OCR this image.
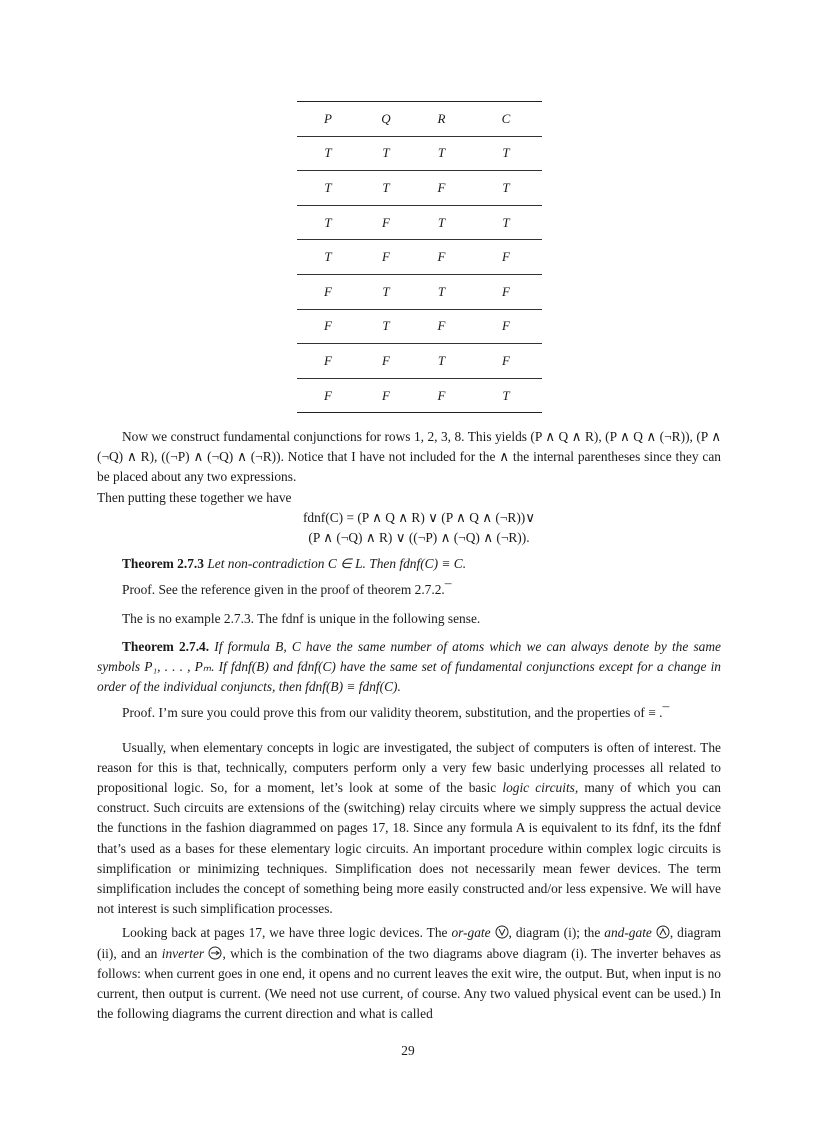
P	Q	R	C
T	T	T	T
T	T	F	T
T	F	T	T
T	F	F	F
F	T	T	F
F	T	F	F
F	F	T	F
F	F	F	T

Now we construct fundamental conjunctions for rows 1, 2, 3, 8. This yields (P ∧ Q ∧ R), (P ∧ Q ∧ (¬R)), (P ∧ (¬Q) ∧ R), ((¬P) ∧ (¬Q) ∧ (¬R)). Notice that I have not included for the ∧ the internal parentheses since they can be placed about any two expressions.

Then putting these together we have

fdnf(C) = (P ∧ Q ∧ R) ∨ (P ∧ Q ∧ (¬R))∨

(P ∧ (¬Q) ∧ R) ∨ ((¬P) ∧ (¬Q) ∧ (¬R)).

Theorem 2.7.3 Let non-contradiction C ∈ L. Then fdnf(C) ≡ C.

Proof. See the reference given in the proof of theorem 2.7.2.¯

The is no example 2.7.3. The fdnf is unique in the following sense.

Theorem 2.7.4. If formula B, C have the same number of atoms which we can always denote by the same symbols P₁, . . . , Pₘ. If fdnf(B) and fdnf(C) have the same set of fundamental conjunctions except for a change in order of the individual conjuncts, then fdnf(B) ≡ fdnf(C).

Proof. I’m sure you could prove this from our validity theorem, substitution, and the properties of ≡ .¯

Usually, when elementary concepts in logic are investigated, the subject of computers is often of interest. The reason for this is that, technically, computers perform only a very few basic underlying processes all related to propositional logic. So, for a moment, let’s look at some of the basic logic circuits, many of which you can construct. Such circuits are extensions of the (switching) relay circuits where we simply suppress the actual device the functions in the fashion diagrammed on pages 17, 18. Since any formula A is equivalent to its fdnf, its the fdnf that’s used as a bases for these elementary logic circuits. An important procedure within complex logic circuits is simplification or minimizing techniques. Simplification does not necessarily mean fewer devices. The term simplification includes the concept of something being more easily constructed and/or less expensive. We will have not interest is such simplification processes.

Looking back at pages 17, we have three logic devices. The or-gate , diagram (i); the and-gate , diagram (ii), and an inverter , which is the combination of the two diagrams above diagram (i). The inverter behaves as follows: when current goes in one end, it opens and no current leaves the exit wire, the output. But, when input is no current, then output is current. (We need not use current, of course. Any two valued physical event can be used.) In the following diagrams the current direction and what is called

29
